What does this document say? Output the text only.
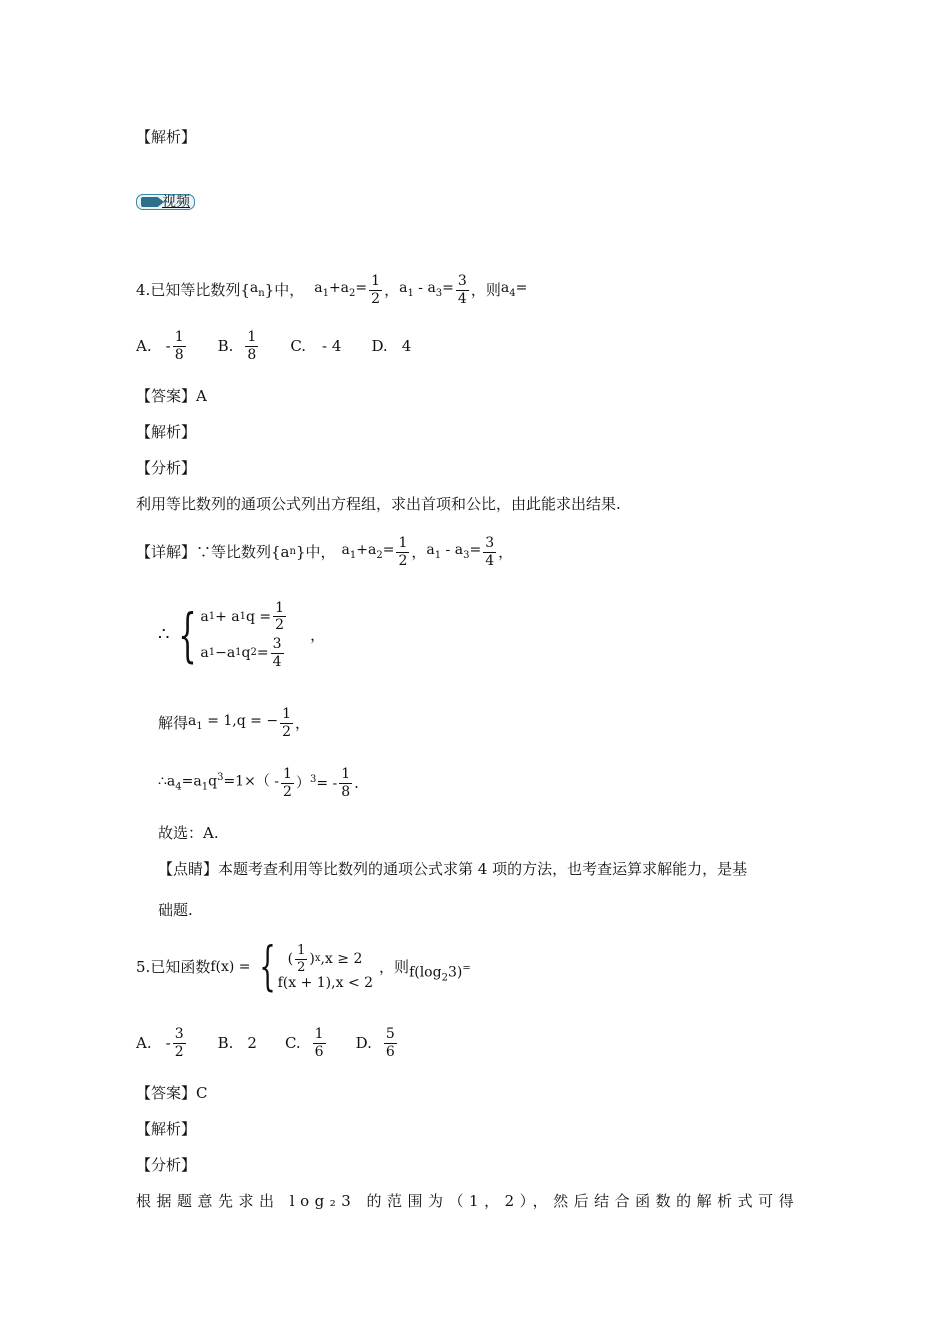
【解析】
视频
4. 已知等比数列{ $a_n$ }中， $a_1+a_2= \frac{1}{2}$ ， $a_1 - a_3= \frac{3}{4}$ ，则 $a_4=$
A. - $\frac{1}{8} B$. $\frac{1}{8} C$. - 4 D. 4
【答案】A
【解析】
【分析】
利用等比数列的通项公式列出方程组，求出首项和公比，由此能求出结果.
【详解】 ∵等比数列{a n }中， $a_1+a_2= \frac{1}{2}$ ， $a_1 - a_3= \frac{3}{4}$ ，
∴ { a 1 + a 1 $q = \frac{1}{2}$
a 1 −a 1 q $2 = \frac{3}{4}$
，
解得 $a_1 = 1,q$ = − $\frac{1}{2}$ ，
$\therefore a_4=a_1q^3=1\times( - \frac{1}{2} )^3= - \frac{1}{8}$ .
故选：A.
【点睛】本题考查利用等比数列的通项公式求第 4 项的方法，也考查运算求解能力，是基
础题.
5. 已知函数 f(x) = { ( $\frac{1}{2}$ ) x ,x ≥ 2
f(x + 1),x < 2
，则 $f(\log_23)^=$
A. - $\frac{3}{2} B$. 2 C. $\frac{1}{6} D$. $\frac{5}{6}$
【答案】C
【解析】
【分析】
根据题意先求出 log₂3 的范围为（1，2），然后结合函数的解析式可得
